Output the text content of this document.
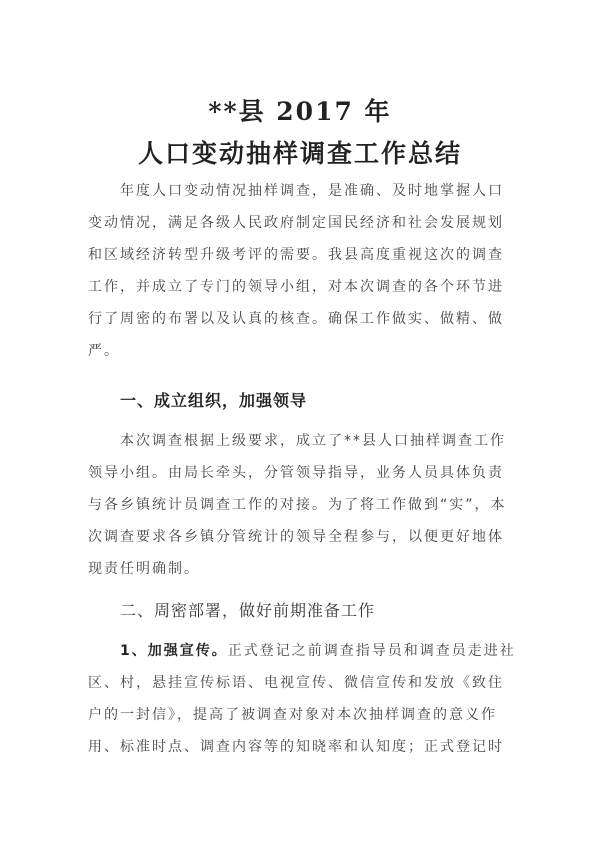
**县 2017 年
人口变动抽样调查工作总结
年度人口变动情况抽样调查，是准确、及时地掌握人口
变动情况，满足各级人民政府制定国民经济和社会发展规划
和区域经济转型升级考评的需要。我县高度重视这次的调查
工作，并成立了专门的领导小组，对本次调查的各个环节进
行了周密的布署以及认真的核查。确保工作做实、做精、做
严。
一、成立组织，加强领导
本次调查根据上级要求，成立了**县人口抽样调查工作
领导小组。由局长牵头，分管领导指导，业务人员具体负责
与各乡镇统计员调查工作的对接。为了将工作做到“实”，本
次调查要求各乡镇分管统计的领导全程参与，以便更好地体
现责任明确制。
二、周密部署，做好前期准备工作
1、加强宣传。正式登记之前调查指导员和调查员走进社
区、村，悬挂宣传标语、电视宣传、微信宣传和发放《致住
户的一封信》，提高了被调查对象对本次抽样调查的意义作
用、标准时点、调查内容等的知晓率和认知度；正式登记时
